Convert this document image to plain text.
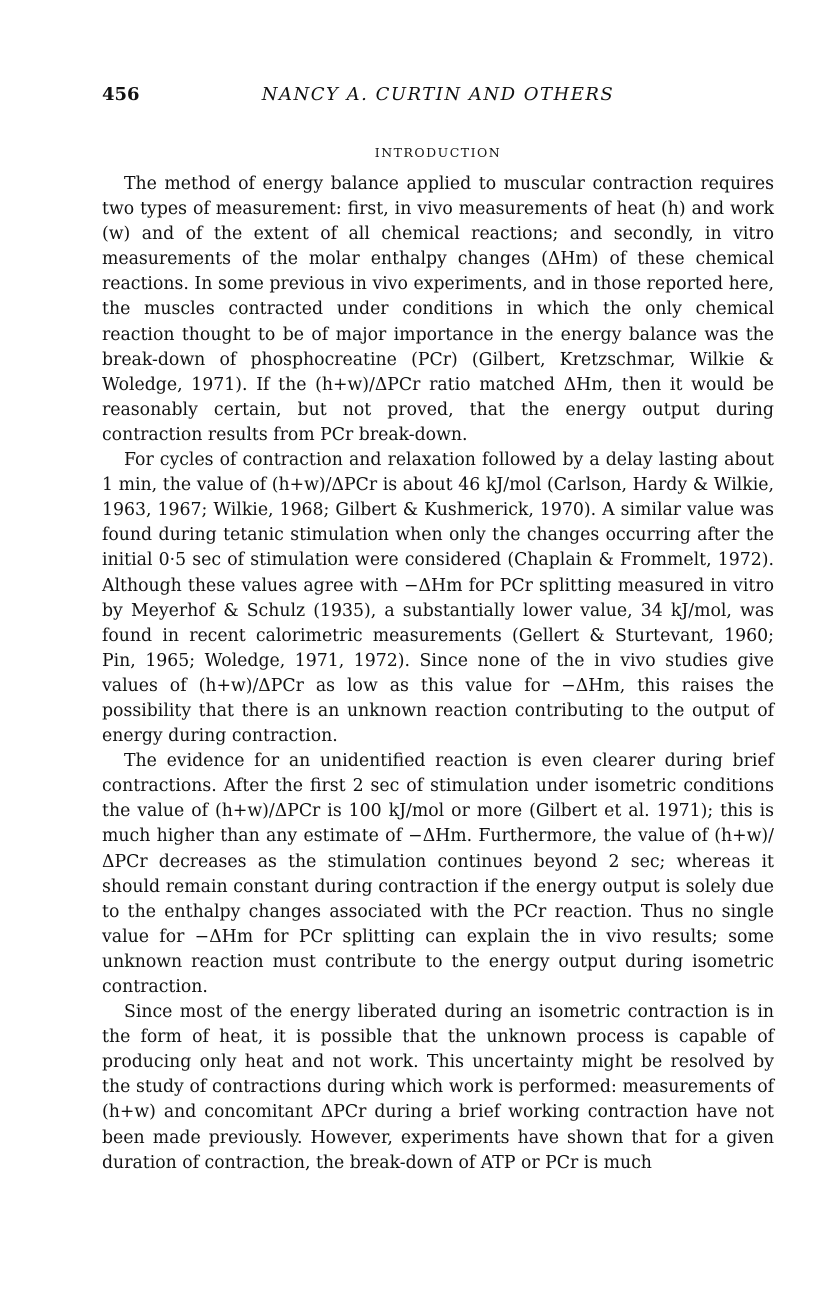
456	NANCY A. CURTIN AND OTHERS
INTRODUCTION

The method of energy balance applied to muscular contraction requires two types of measurement: first, in vivo measurements of heat (h) and work (w) and of the extent of all chemical reactions; and secondly, in vitro measurements of the molar enthalpy changes (ΔHm) of these chemical reactions. In some previous in vivo experiments, and in those reported here, the muscles contracted under conditions in which the only chemical reaction thought to be of major importance in the energy balance was the break-down of phosphocreatine (PCr) (Gilbert, Kretzschmar, Wilkie & Woledge, 1971). If the (h+w)/ΔPCr ratio matched ΔHm, then it would be reasonably certain, but not proved, that the energy output during contraction results from PCr break-down.

For cycles of contraction and relaxation followed by a delay lasting about 1 min, the value of (h+w)/ΔPCr is about 46 kJ/mol (Carlson, Hardy & Wilkie, 1963, 1967; Wilkie, 1968; Gilbert & Kushmerick, 1970). A similar value was found during tetanic stimulation when only the changes occurring after the initial 0·5 sec of stimulation were considered (Chaplain & Frommelt, 1972). Although these values agree with −ΔHm for PCr splitting measured in vitro by Meyerhof & Schulz (1935), a substantially lower value, 34 kJ/mol, was found in recent calorimetric measurements (Gellert & Sturtevant, 1960; Pin, 1965; Woledge, 1971, 1972). Since none of the in vivo studies give values of (h+w)/ΔPCr as low as this value for −ΔHm, this raises the possibility that there is an unknown reaction contributing to the output of energy during contraction.

The evidence for an unidentified reaction is even clearer during brief contractions. After the first 2 sec of stimulation under isometric conditions the value of (h+w)/ΔPCr is 100 kJ/mol or more (Gilbert et al. 1971); this is much higher than any estimate of −ΔHm. Furthermore, the value of (h+w)/ΔPCr decreases as the stimulation continues beyond 2 sec; whereas it should remain constant during contraction if the energy output is solely due to the enthalpy changes associated with the PCr reaction. Thus no single value for −ΔHm for PCr splitting can explain the in vivo results; some unknown reaction must contribute to the energy output during isometric contraction.

Since most of the energy liberated during an isometric contraction is in the form of heat, it is possible that the unknown process is capable of producing only heat and not work. This uncertainty might be resolved by the study of contractions during which work is performed: measurements of (h+w) and concomitant ΔPCr during a brief working contraction have not been made previously. However, experiments have shown that for a given duration of contraction, the break-down of ATP or PCr is much
